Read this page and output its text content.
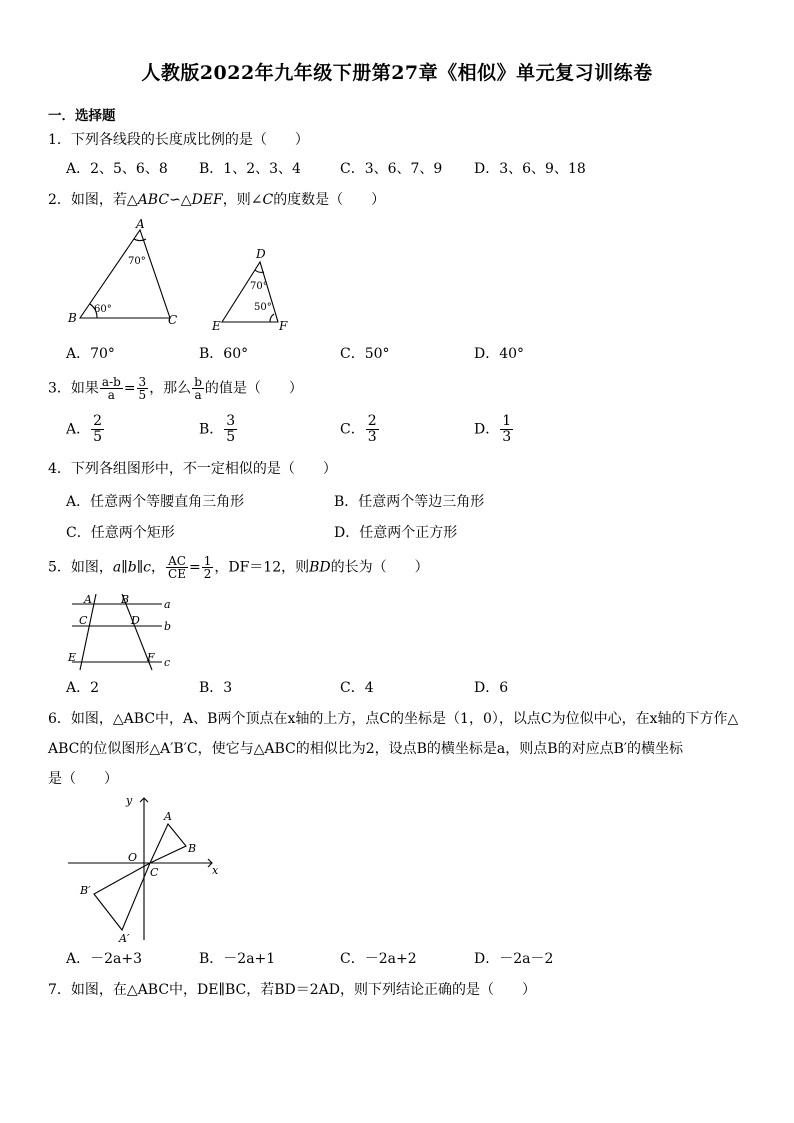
人教版2022年九年级下册第27章《相似》单元复习训练卷
一．选择题
1．下列各线段的长度成比例的是（　　）
A．2、5、6、8 B．1、2、3、4	C．3、6、7、9 D．3、6、9、18
2．如图，若△ABC∽△DEF，则∠C的度数是（　　）
A
B	C
D
E	F
70°
60°
70°
50°
A．70°	B．60°	C．50°	D．40°
3．如果 $\frac{a-b}{a} = \frac{3}{5}$ ，那么 $\frac{b}{a}$ 的值是（　　）
A． $\frac{2}{5}$	B． $\frac{3}{5}$	C． $\frac{2}{3}$	D． $\frac{1}{3}$
4．下列各组图形中，不一定相似的是（　　）
A．任意两个等腰直角三角形	B．任意两个等边三角形
C．任意两个矩形	D．任意两个正方形
5．如图，a∥b∥c， $\frac{AC}{CE} = \frac{1}{2}$ ，DF＝12，则BD的长为（　　）
A	B
C	D
E	F
a
b
c
A．2	B．3	C．4	D．6
6．如图，△ABC中，A、B两个顶点在x轴的上方，点C的坐标是（1，0），以点C为位似中心，在x轴的下方作△
ABC的位似图形△A′B′C，使它与△ABC的相似比为2，设点B的横坐标是a，则点B的对应点B′的横坐标
是（　　）
y
x
O
C
A
B
B′
A′
A．－2a+3	B．－2a+1	C．－2a+2	D．－2a－2
7．如图，在△ABC中，DE∥BC，若BD＝2AD，则下列结论正确的是（　　）
